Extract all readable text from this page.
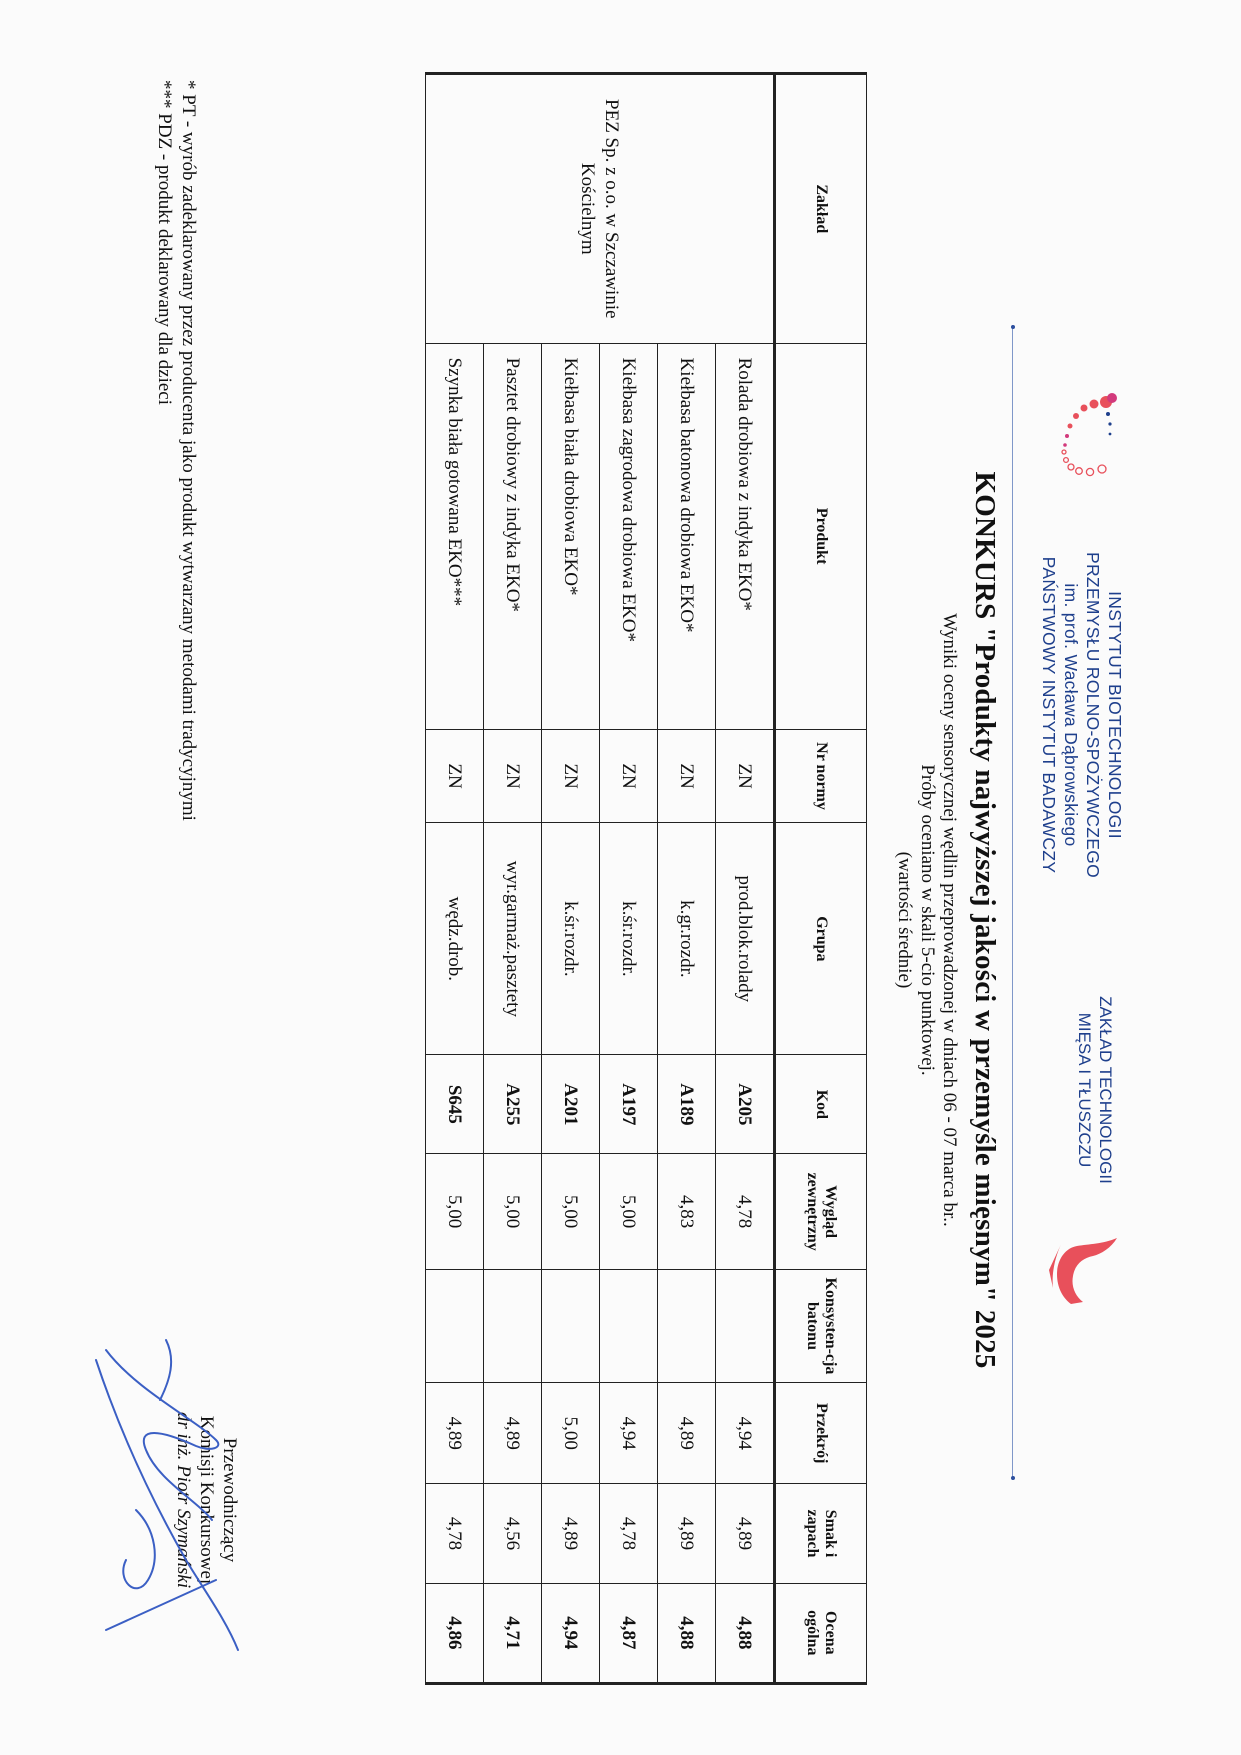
INSTYTUT BIOTECHNOLOGII
PRZEMYSŁU ROLNO-SPOŻYWCZEGO
im. prof. Wacława Dąbrowskiego
PAŃSTWOWY INSTYTUT BADAWCZY
ZAKŁAD TECHNOLOGII
MIĘSA I TŁUSZCZU
KONKURS "Produkty najwyższej jakości w przemyśle mięsnym" 2025
Wyniki oceny sensorycznej wędlin przeprowadzonej w dniach 06 - 07 marca br..
Próby oceniano w skali 5-cio punktowej.
(wartości średnie)
Zakład	Produkt	Nr normy	Grupa	Kod	Wygląd zewnętrzny	Konsysten-cja batonu	Przekrój	Smak i zapach	Ocena ogólna
PEZ Sp. z o.o. w Szczawinie Kościelnym	Rolada drobiowa z indyka EKO*	ZN	prod.blok.rolady	A205	4,78		4,94	4,89	4,88
	Kiełbasa batonowa drobiowa EKO*	ZN	k.gr.rozdr.	A189	4,83		4,89	4,89	4,88
	Kiełbasa zagrodowa drobiowa EKO*	ZN	k.śr.rozdr.	A197	5,00		4,94	4,78	4,87
	Kiełbasa biała drobiowa EKO*	ZN	k.śr.rozdr.	A201	5,00		5,00	4,89	4,94
	Pasztet drobiowy z indyka EKO*	ZN	wyr.garmaż.pasztety	A255	5,00		4,89	4,56	4,71
	Szynka biała gotowana EKO***	ZN	wędz.drob.	S645	5,00		4,89	4,78	4,86
* PT - wyrób zadeklarowany przez producenta jako produkt wytwarzany metodami tradycyjnymi
*** PDZ - produkt deklarowany dla dzieci
Przewodniczący
Komisji Konkursowej
dr inż. Piotr Szymański
